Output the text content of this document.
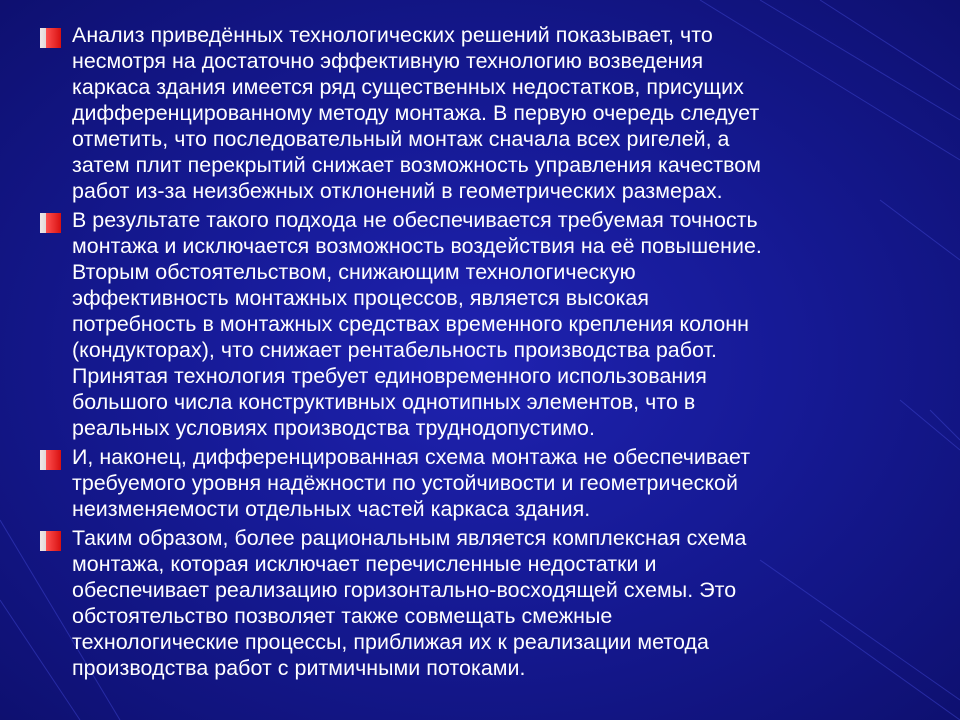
Анализ приведённых технологических решений показывает, что
несмотря на достаточно эффективную технологию возведения
каркаса здания имеется ряд существенных недостатков, присущих
дифференцированному методу монтажа. В первую очередь следует
отметить, что последовательный монтаж сначала всех ригелей, а
затем плит перекрытий снижает возможность управления качеством
работ из-за неизбежных отклонений в геометрических размерах.
В результате такого подхода не обеспечивается требуемая точность
монтажа и исключается возможность воздействия на её повышение.
Вторым обстоятельством, снижающим технологическую
эффективность монтажных процессов, является высокая
потребность в монтажных средствах временного крепления колонн
(кондукторах), что снижает рентабельность производства работ.
Принятая технология требует единовременного использования
большого числа конструктивных однотипных элементов, что в
реальных условиях производства труднодопустимо.
И, наконец, дифференцированная схема монтажа не обеспечивает
требуемого уровня надёжности по устойчивости и геометрической
неизменяемости отдельных частей каркаса здания.
Таким образом, более рациональным является комплексная схема
монтажа, которая исключает перечисленные недостатки и
обеспечивает реализацию горизонтально-восходящей схемы. Это
обстоятельство позволяет также совмещать смежные
технологические процессы, приближая их к реализации метода
производства работ с ритмичными потоками.
